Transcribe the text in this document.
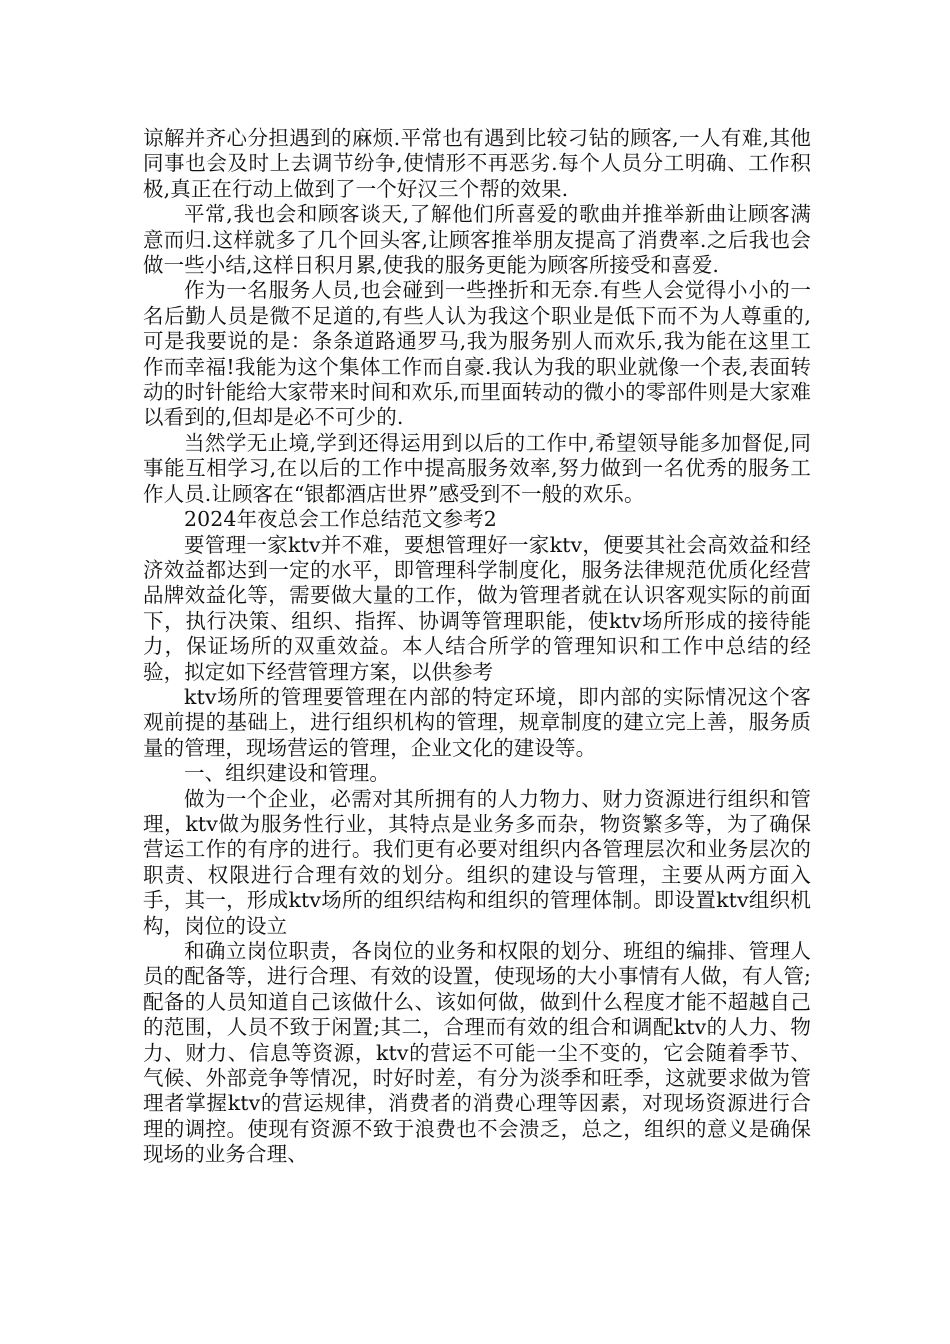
谅解并齐心分担遇到的麻烦.平常也有遇到比较刁钻的顾客,一人有难,其他同事也会及时上去调节纷争,使情形不再恶劣.每个人员分工明确、工作积极,真正在行动上做到了一个好汉三个帮的效果.

平常,我也会和顾客谈天,了解他们所喜爱的歌曲并推举新曲让顾客满意而归.这样就多了几个回头客,让顾客推举朋友提高了消费率.之后我也会做一些小结,这样日积月累,使我的服务更能为顾客所接受和喜爱.

作为一名服务人员,也会碰到一些挫折和无奈.有些人会觉得小小的一名后勤人员是微不足道的,有些人认为我这个职业是低下而不为人尊重的,可是我要说的是：条条道路通罗马,我为服务别人而欢乐,我为能在这里工作而幸福!我能为这个集体工作而自豪.我认为我的职业就像一个表,表面转动的时针能给大家带来时间和欢乐,而里面转动的微小的零部件则是大家难以看到的,但却是必不可少的.

当然学无止境,学到还得运用到以后的工作中,希望领导能多加督促,同事能互相学习,在以后的工作中提高服务效率,努力做到一名优秀的服务工作人员.让顾客在“银都酒店世界”感受到不一般的欢乐。

2024年夜总会工作总结范文参考2

要管理一家ktv并不难，要想管理好一家ktv，便要其社会高效益和经济效益都达到一定的水平，即管理科学制度化，服务法律规范优质化经营品牌效益化等，需要做大量的工作，做为管理者就在认识客观实际的前面下，执行决策、组织、指挥、协调等管理职能，使ktv场所形成的接待能力，保证场所的双重效益。本人结合所学的管理知识和工作中总结的经验，拟定如下经营管理方案，以供参考

ktv场所的管理要管理在内部的特定环境，即内部的实际情况这个客观前提的基础上，进行组织机构的管理，规章制度的建立完上善，服务质量的管理，现场营运的管理，企业文化的建设等。

一、组织建设和管理。

做为一个企业，必需对其所拥有的人力物力、财力资源进行组织和管理，ktv做为服务性行业，其特点是业务多而杂，物资繁多等，为了确保营运工作的有序的进行。我们更有必要对组织内各管理层次和业务层次的职责、权限进行合理有效的划分。组织的建设与管理，主要从两方面入手，其一，形成ktv场所的组织结构和组织的管理体制。即设置ktv组织机构，岗位的设立

和确立岗位职责，各岗位的业务和权限的划分、班组的编排、管理人员的配备等，进行合理、有效的设置，使现场的大小事情有人做，有人管;配备的人员知道自己该做什么、该如何做，做到什么程度才能不超越自己的范围，人员不致于闲置;其二，合理而有效的组合和调配ktv的人力、物力、财力、信息等资源，ktv的营运不可能一尘不变的，它会随着季节、气候、外部竞争等情况，时好时差，有分为淡季和旺季，这就要求做为管理者掌握ktv的营运规律，消费者的消费心理等因素，对现场资源进行合理的调控。使现有资源不致于浪费也不会溃乏，总之，组织的意义是确保现场的业务合理、
